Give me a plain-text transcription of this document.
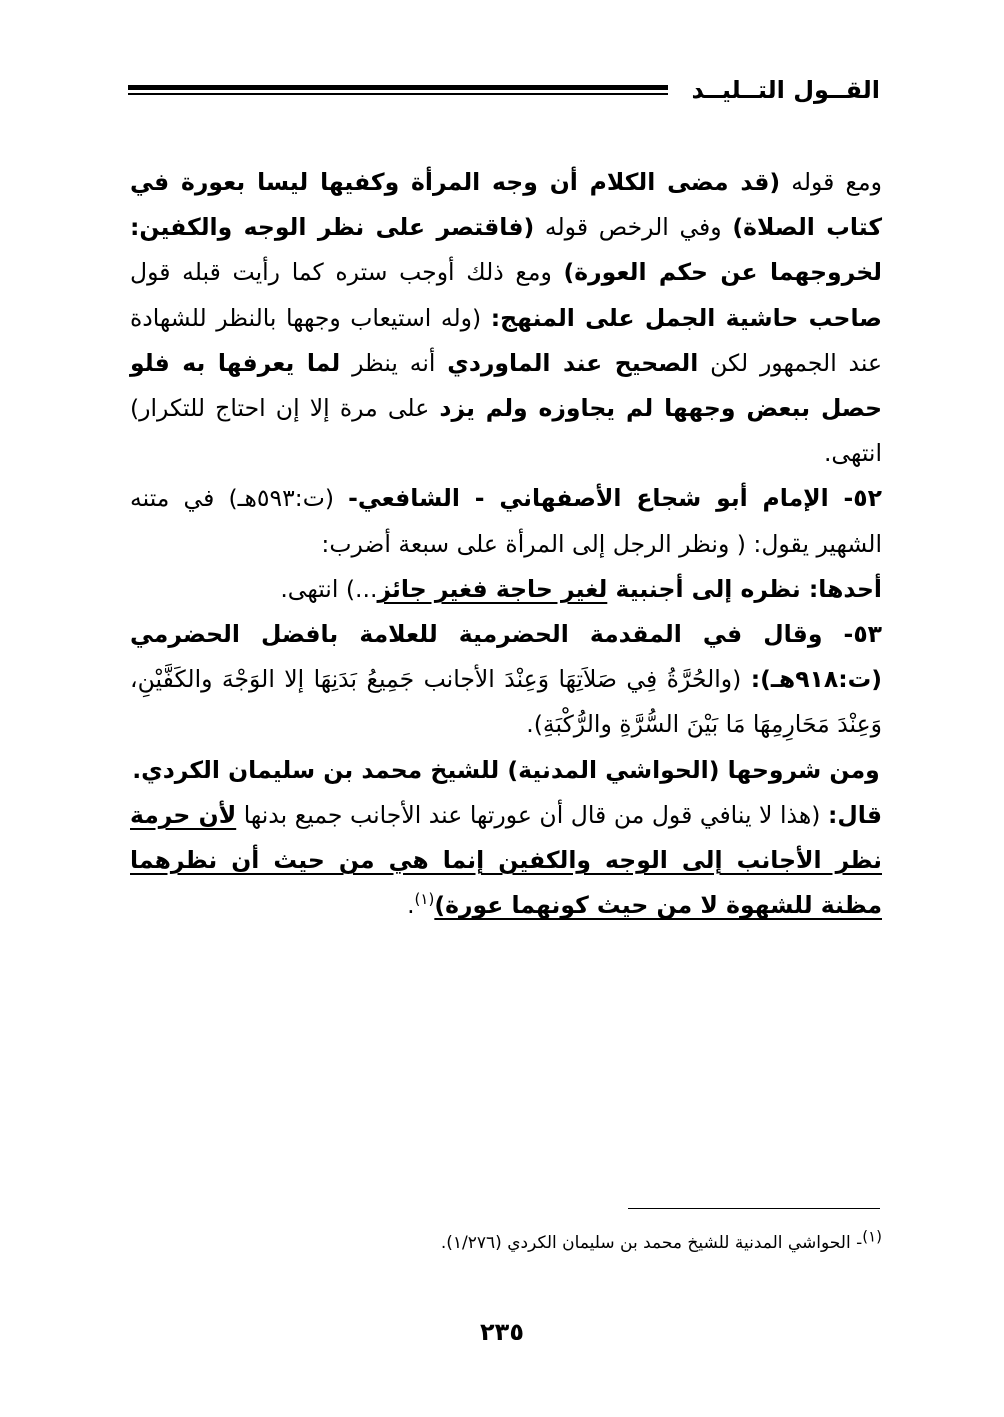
القــول التــليــد

ومع قوله (قد مضى الكلام أن وجه المرأة وكفيها ليسا بعورة في كتاب الصلاة) وفي الرخص قوله (فاقتصر على نظر الوجه والكفين: لخروجهما عن حكم العورة) ومع ذلك أوجب ستره كما رأيت قبله قول صاحب حاشية الجمل على المنهج: (وله استيعاب وجهها بالنظر للشهادة عند الجمهور لكن الصحيح عند الماوردي أنه ينظر لما يعرفها به فلو حصل ببعض وجهها لم يجاوزه ولم يزد على مرة إلا إن احتاج للتكرار) انتهى.

٥٢- الإمام أبو شجاع الأصفهاني - الشافعي- (ت:٥٩٣هـ) في متنه الشهير يقول: ( ونظر الرجل إلى المرأة على سبعة أضرب:

أحدها: نظره إلى أجنبية لغير حاجة فغير جائز...) انتهى.

٥٣- وقال في المقدمة الحضرمية للعلامة بافضل الحضرمي (ت:٩١٨هـ): (والحُرَّةُ فِي صَلاَتِهَا وَعِنْدَ الأجانب جَمِيعُ بَدَنِهَا إلا الوَجْهَ والكَفَّيْنِ، وَعِنْدَ مَحَارِمِهَا مَا بَيْنَ السُّرَّةِ والرُّكْبَةِ).

ومن شروحها (الحواشي المدنية) للشيخ محمد بن سليمان الكردي.

قال: (هذا لا ينافي قول من قال أن عورتها عند الأجانب جميع بدنها لأن حرمة نظر الأجانب إلى الوجه والكفين إنما هي من حيث أن نظرهما مظنة للشهوة لا من حيث كونهما عورة)$^{(١)}$.

(١)- الحواشي المدنية للشيخ محمد بن سليمان الكردي (١/٢٧٦).
٢٣٥
